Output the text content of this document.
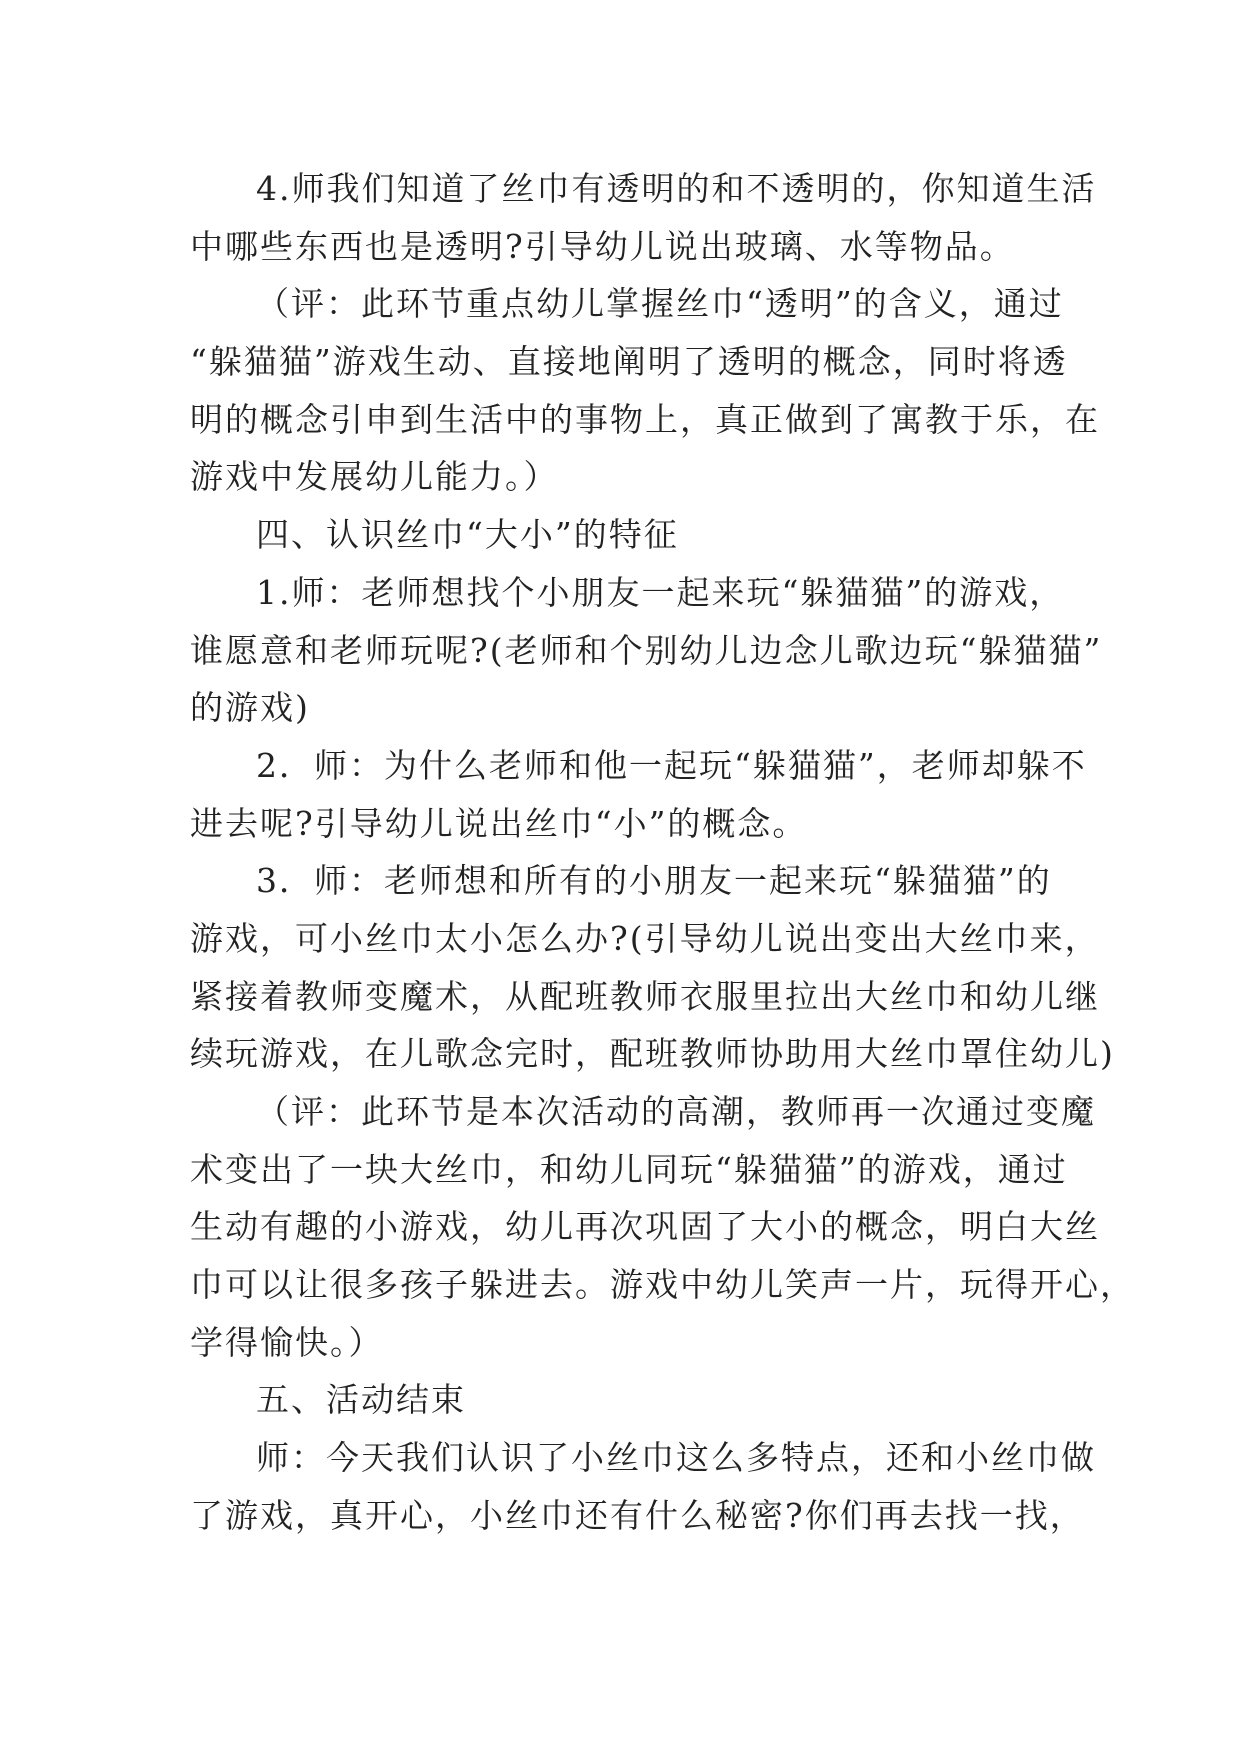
4.师我们知道了丝巾有透明的和不透明的，你知道生活
中哪些东西也是透明?引导幼儿说出玻璃、水等物品。
（评：此环节重点幼儿掌握丝巾“透明”的含义，通过
“躲猫猫”游戏生动、直接地阐明了透明的概念，同时将透
明的概念引申到生活中的事物上，真正做到了寓教于乐，在
游戏中发展幼儿能力。）
四、认识丝巾“大小”的特征
1.师：老师想找个小朋友一起来玩“躲猫猫”的游戏，
谁愿意和老师玩呢?(老师和个别幼儿边念儿歌边玩“躲猫猫”
的游戏)
2．师：为什么老师和他一起玩“躲猫猫”，老师却躲不
进去呢?引导幼儿说出丝巾“小”的概念。
3．师：老师想和所有的小朋友一起来玩“躲猫猫”的
游戏，可小丝巾太小怎么办?(引导幼儿说出变出大丝巾来，
紧接着教师变魔术，从配班教师衣服里拉出大丝巾和幼儿继
续玩游戏，在儿歌念完时，配班教师协助用大丝巾罩住幼儿)
（评：此环节是本次活动的高潮，教师再一次通过变魔
术变出了一块大丝巾，和幼儿同玩“躲猫猫”的游戏，通过
生动有趣的小游戏，幼儿再次巩固了大小的概念，明白大丝
巾可以让很多孩子躲进去。游戏中幼儿笑声一片，玩得开心，
学得愉快。）
五、活动结束
师：今天我们认识了小丝巾这么多特点，还和小丝巾做
了游戏，真开心，小丝巾还有什么秘密?你们再去找一找，
